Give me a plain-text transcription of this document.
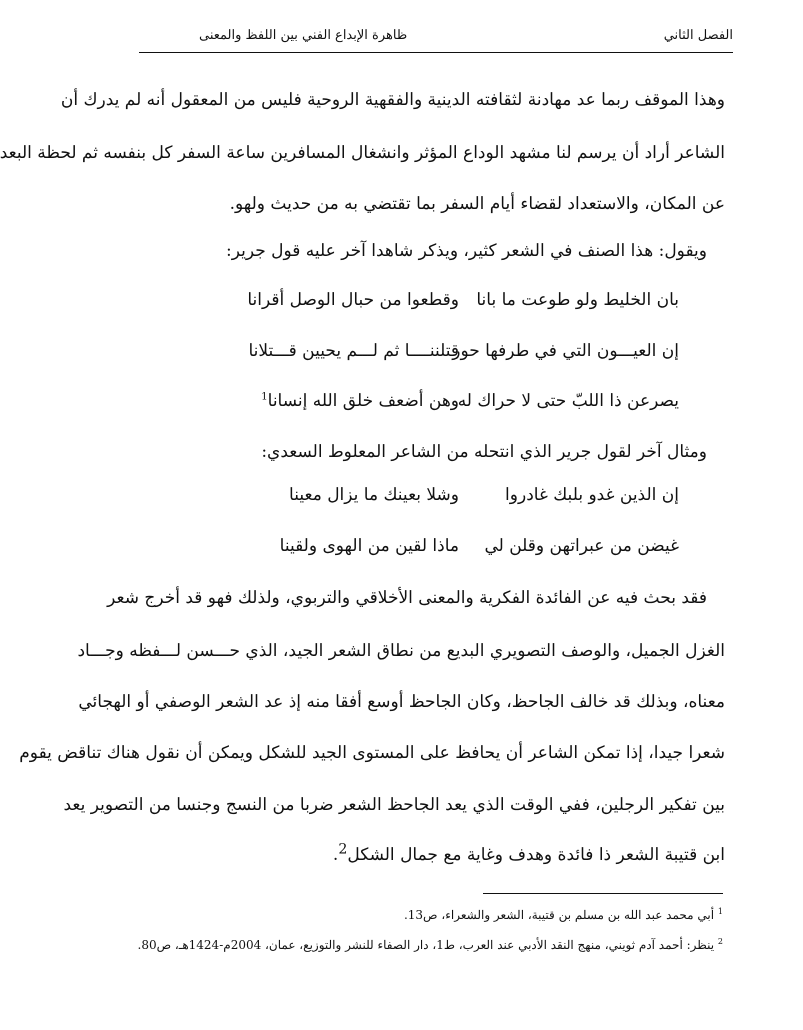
الفصل الثاني
ظاهرة الإبداع الفني بين اللفظ والمعنى
وهذا الموقف ربما عد مهادنة لثقافته الدينية والفقهية الروحية فليس من المعقول أنه لم يدرك أن
الشاعر أراد أن يرسم لنا مشهد الوداع المؤثر وانشغال المسافرين ساعة السفر كل بنفسه ثم لحظة البعد
عن المكان، والاستعداد لقضاء أيام السفر بما تقتضي به من حديث ولهو.
ويقول: هذا الصنف في الشعر كثير، ويذكر شاهدا آخر عليه قول جرير:
بان الخليط ولو طوعت ما بانا
وقطعوا من حبال الوصل أقرانا
إن العيـــون التي في طرفها حور
قتلننــــا ثم لـــم يحيين قـــتلانا
يصرعن ذا اللبّ حتى لا حراك له
وهن أضعف خلق الله إنسانا$^1$
ومثال آخر لقول جرير الذي انتحله من الشاعر المعلوط السعدي:
إن الذين غدو بلبك غادروا
وشلا بعينك ما يزال معينا
غيضن من عبراتهن وقلن لي
ماذا لقين من الهوى ولقينا
فقد بحث فيه عن الفائدة الفكرية والمعنى الأخلاقي والتربوي، ولذلك فهو قد أخرج شعر
الغزل الجميل، والوصف التصويري البديع من نطاق الشعر الجيد، الذي حـــسن لـــفظه وجـــاد
معناه، وبذلك قد خالف الجاحظ، وكان الجاحظ أوسع أفقا منه إذ عد الشعر الوصفي أو الهجائي
شعرا جيدا، إذا تمكن الشاعر أن يحافظ على المستوى الجيد للشكل ويمكن أن نقول هناك تناقض يقوم
بين تفكير الرجلين، ففي الوقت الذي يعد الجاحظ الشعر ضربا من النسج وجنسا من التصوير يعد
ابن قتيبة الشعر ذا فائدة وهدف وغاية مع جمال الشكل$^2$.
$^1$ أبي محمد عبد الله بن مسلم بن قتيبة، الشعر والشعراء، ص13.
$^2$ ينظر: أحمد آدم ثويني، منهج النقد الأدبي عند العرب، ط1، دار الصفاء للنشر والتوزيع، عمان، 2004م-1424هـ، ص80.
